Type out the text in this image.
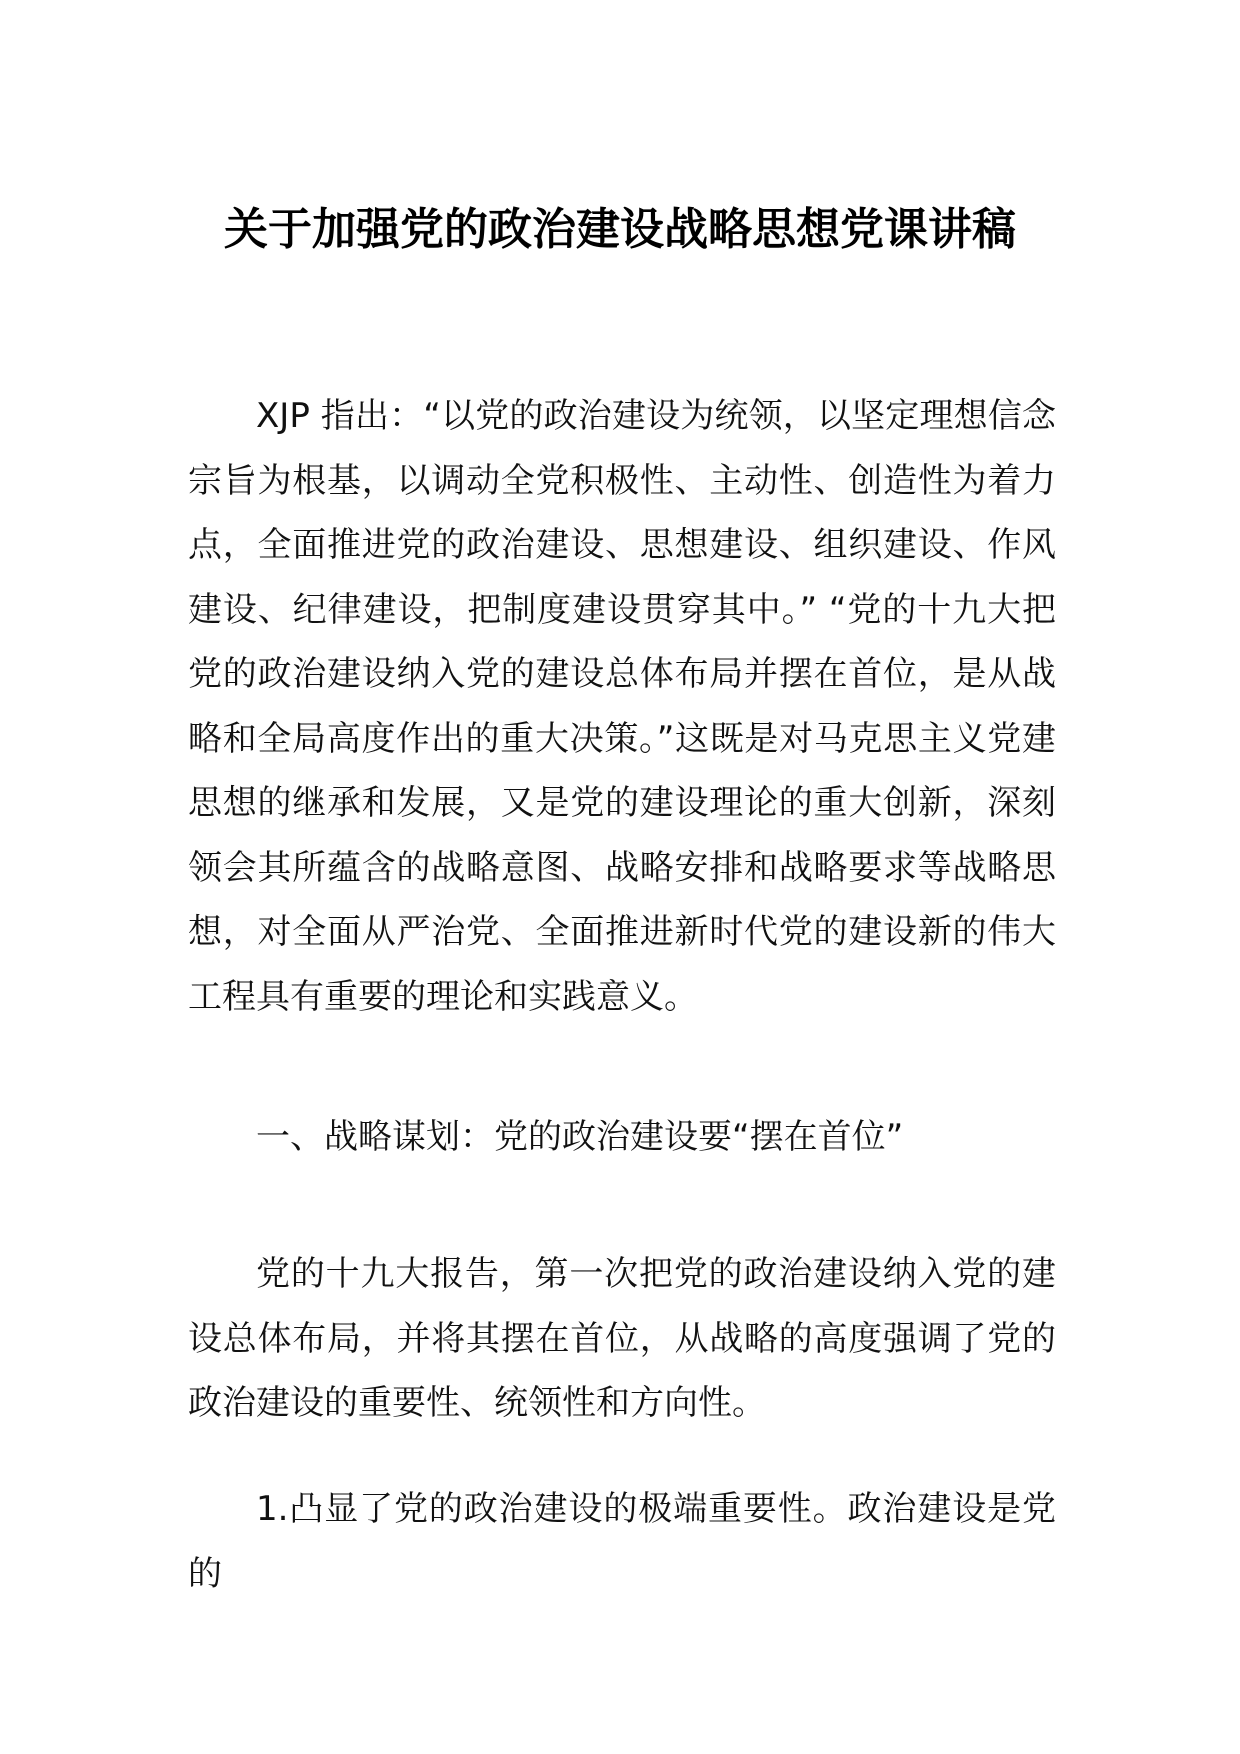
关于加强党的政治建设战略思想党课讲稿

XJP 指出：“以党的政治建设为统领，以坚定理想信念宗旨为根基，以调动全党积极性、主动性、创造性为着力点，全面推进党的政治建设、思想建设、组织建设、作风建设、纪律建设，把制度建设贯穿其中。” “党的十九大把党的政治建设纳入党的建设总体布局并摆在首位，是从战略和全局高度作出的重大决策。”这既是对马克思主义党建思想的继承和发展，又是党的建设理论的重大创新，深刻领会其所蕴含的战略意图、战略安排和战略要求等战略思想，对全面从严治党、全面推进新时代党的建设新的伟大工程具有重要的理论和实践意义。

一、战略谋划：党的政治建设要“摆在首位”

党的十九大报告，第一次把党的政治建设纳入党的建设总体布局，并将其摆在首位，从战略的高度强调了党的政治建设的重要性、统领性和方向性。

1.凸显了党的政治建设的极端重要性。政治建设是党的
